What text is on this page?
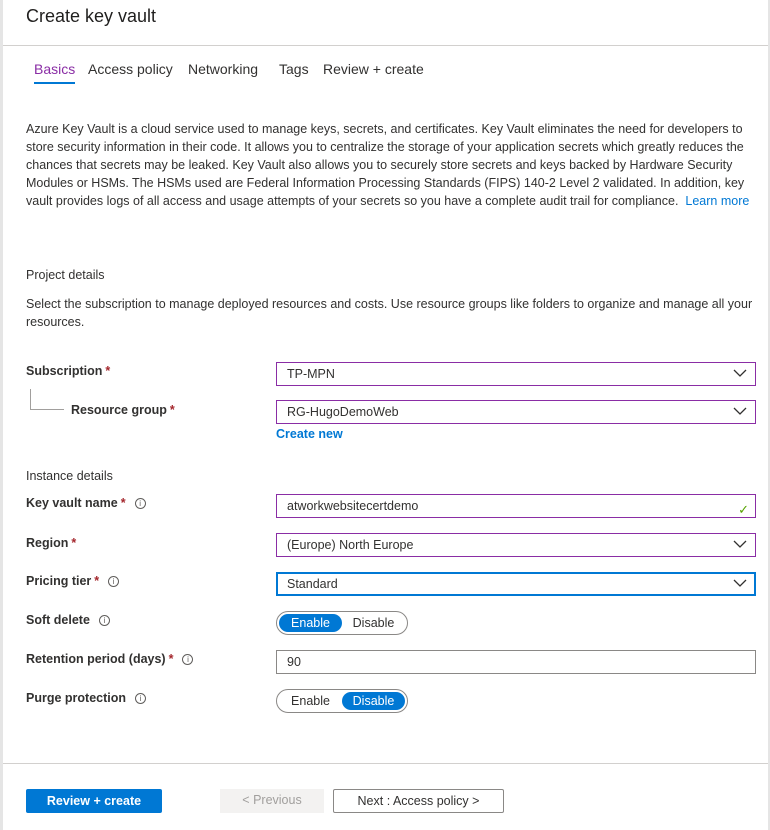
Create key vault
Basics Access policy Networking Tags Review + create
Azure Key Vault is a cloud service used to manage keys, secrets, and certificates. Key Vault eliminates the need for developers to store security information in their code. It allows you to centralize the storage of your application secrets which greatly reduces the chances that secrets may be leaked. Key Vault also allows you to securely store secrets and keys backed by Hardware Security Modules or HSMs. The HSMs used are Federal Information Processing Standards (FIPS) 140-2 Level 2 validated. In addition, key vault provides logs of all access and usage attempts of your secrets so you have a complete audit trail for compliance. Learn more
Project details
Select the subscription to manage deployed resources and costs. Use resource groups like folders to organize and manage all your resources.
Subscription *	TP-MPN
Resource group *	RG-HugoDemoWeb
Create new
Instance details
Key vault name * i	atworkwebsitecertdemo	✓
Region *	(Europe) North Europe
Pricing tier * i	Standard
Soft delete i	Enable	Disable
Retention period (days) * i	90
Purge protection i	Enable	Disable
Review + create	< Previous	Next : Access policy >
